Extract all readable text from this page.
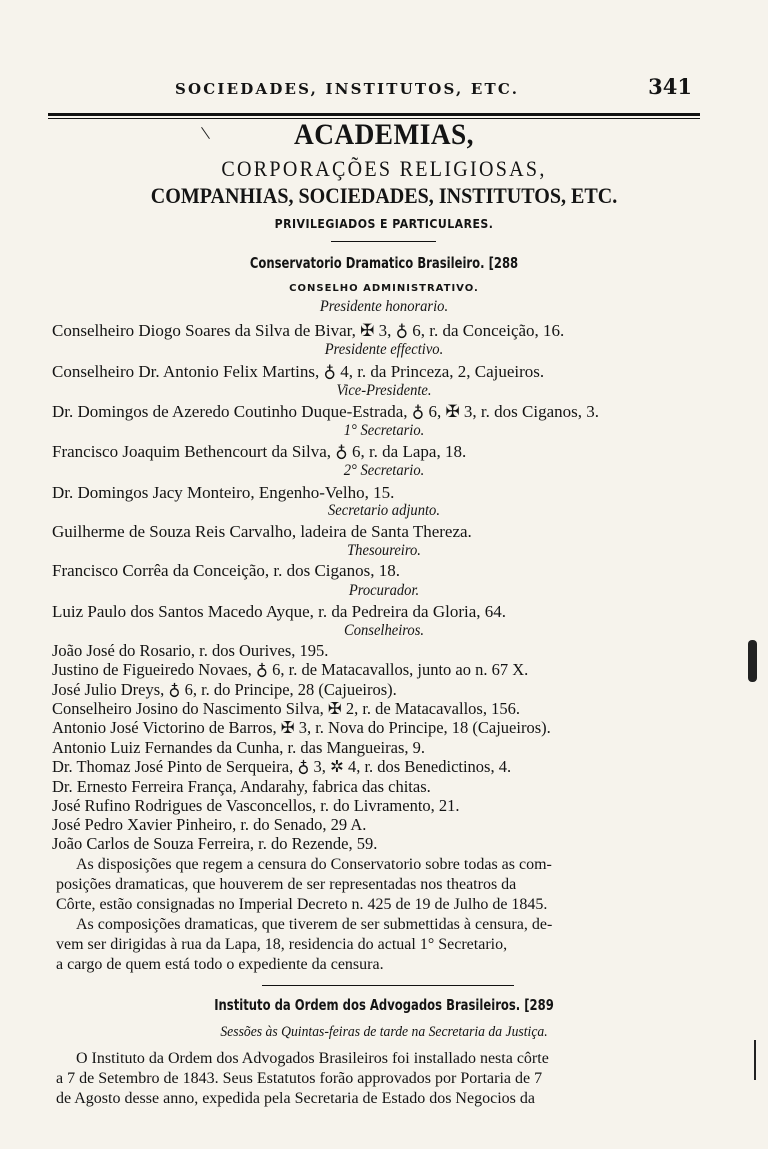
SOCIEDADES, INSTITUTOS, ETC.	341
ACADEMIAS,
CORPORAÇÕES RELIGIOSAS,
COMPANHIAS, SOCIEDADES, INSTITUTOS, ETC.
PRIVILEGIADOS E PARTICULARES.
Conservatorio Dramatico Brasileiro. [288
CONSELHO ADMINISTRATIVO.
Presidente honorario.
Conselheiro Diogo Soares da Silva de Bivar, ✠ 3, ♁ 6, r. da Conceição, 16.
Presidente effectivo.
Conselheiro Dr. Antonio Felix Martins, ♁ 4, r. da Princeza, 2, Cajueiros.
Vice-Presidente.
Dr. Domingos de Azeredo Coutinho Duque-Estrada, ♁ 6, ✠ 3, r. dos Ciganos, 3.
1° Secretario.
Francisco Joaquim Bethencourt da Silva, ♁ 6, r. da Lapa, 18.
2° Secretario.
Dr. Domingos Jacy Monteiro, Engenho-Velho, 15.
Secretario adjunto.
Guilherme de Souza Reis Carvalho, ladeira de Santa Thereza.
Thesoureiro.
Francisco Corrêa da Conceição, r. dos Ciganos, 18.
Procurador.
Luiz Paulo dos Santos Macedo Ayque, r. da Pedreira da Gloria, 64.
Conselheiros.
João José do Rosario, r. dos Ourives, 195.
Justino de Figueiredo Novaes, ♁ 6, r. de Matacavallos, junto ao n. 67 X.
José Julio Dreys, ♁ 6, r. do Principe, 28 (Cajueiros).
Conselheiro Josino do Nascimento Silva, ✠ 2, r. de Matacavallos, 156.
Antonio José Victorino de Barros, ✠ 3, r. Nova do Principe, 18 (Cajueiros).
Antonio Luiz Fernandes da Cunha, r. das Mangueiras, 9.
Dr. Thomaz José Pinto de Serqueira, ♁ 3, ✲ 4, r. dos Benedictinos, 4.
Dr. Ernesto Ferreira França, Andarahy, fabrica das chitas.
José Rufino Rodrigues de Vasconcellos, r. do Livramento, 21.
José Pedro Xavier Pinheiro, r. do Senado, 29 A.
João Carlos de Souza Ferreira, r. do Rezende, 59.
As disposições que regem a censura do Conservatorio sobre todas as com-
posições dramaticas, que houverem de ser representadas nos theatros da
Côrte, estão consignadas no Imperial Decreto n. 425 de 19 de Julho de 1845.
As composições dramaticas, que tiverem de ser submettidas à censura, de-
vem ser dirigidas à rua da Lapa, 18, residencia do actual 1° Secretario,
a cargo de quem está todo o expediente da censura.
Instituto da Ordem dos Advogados Brasileiros. [289
Sessões às Quintas-feiras de tarde na Secretaria da Justiça.
O Instituto da Ordem dos Advogados Brasileiros foi installado nesta côrte
a 7 de Setembro de 1843. Seus Estatutos forão approvados por Portaria de 7
de Agosto desse anno, expedida pela Secretaria de Estado dos Negocios da
